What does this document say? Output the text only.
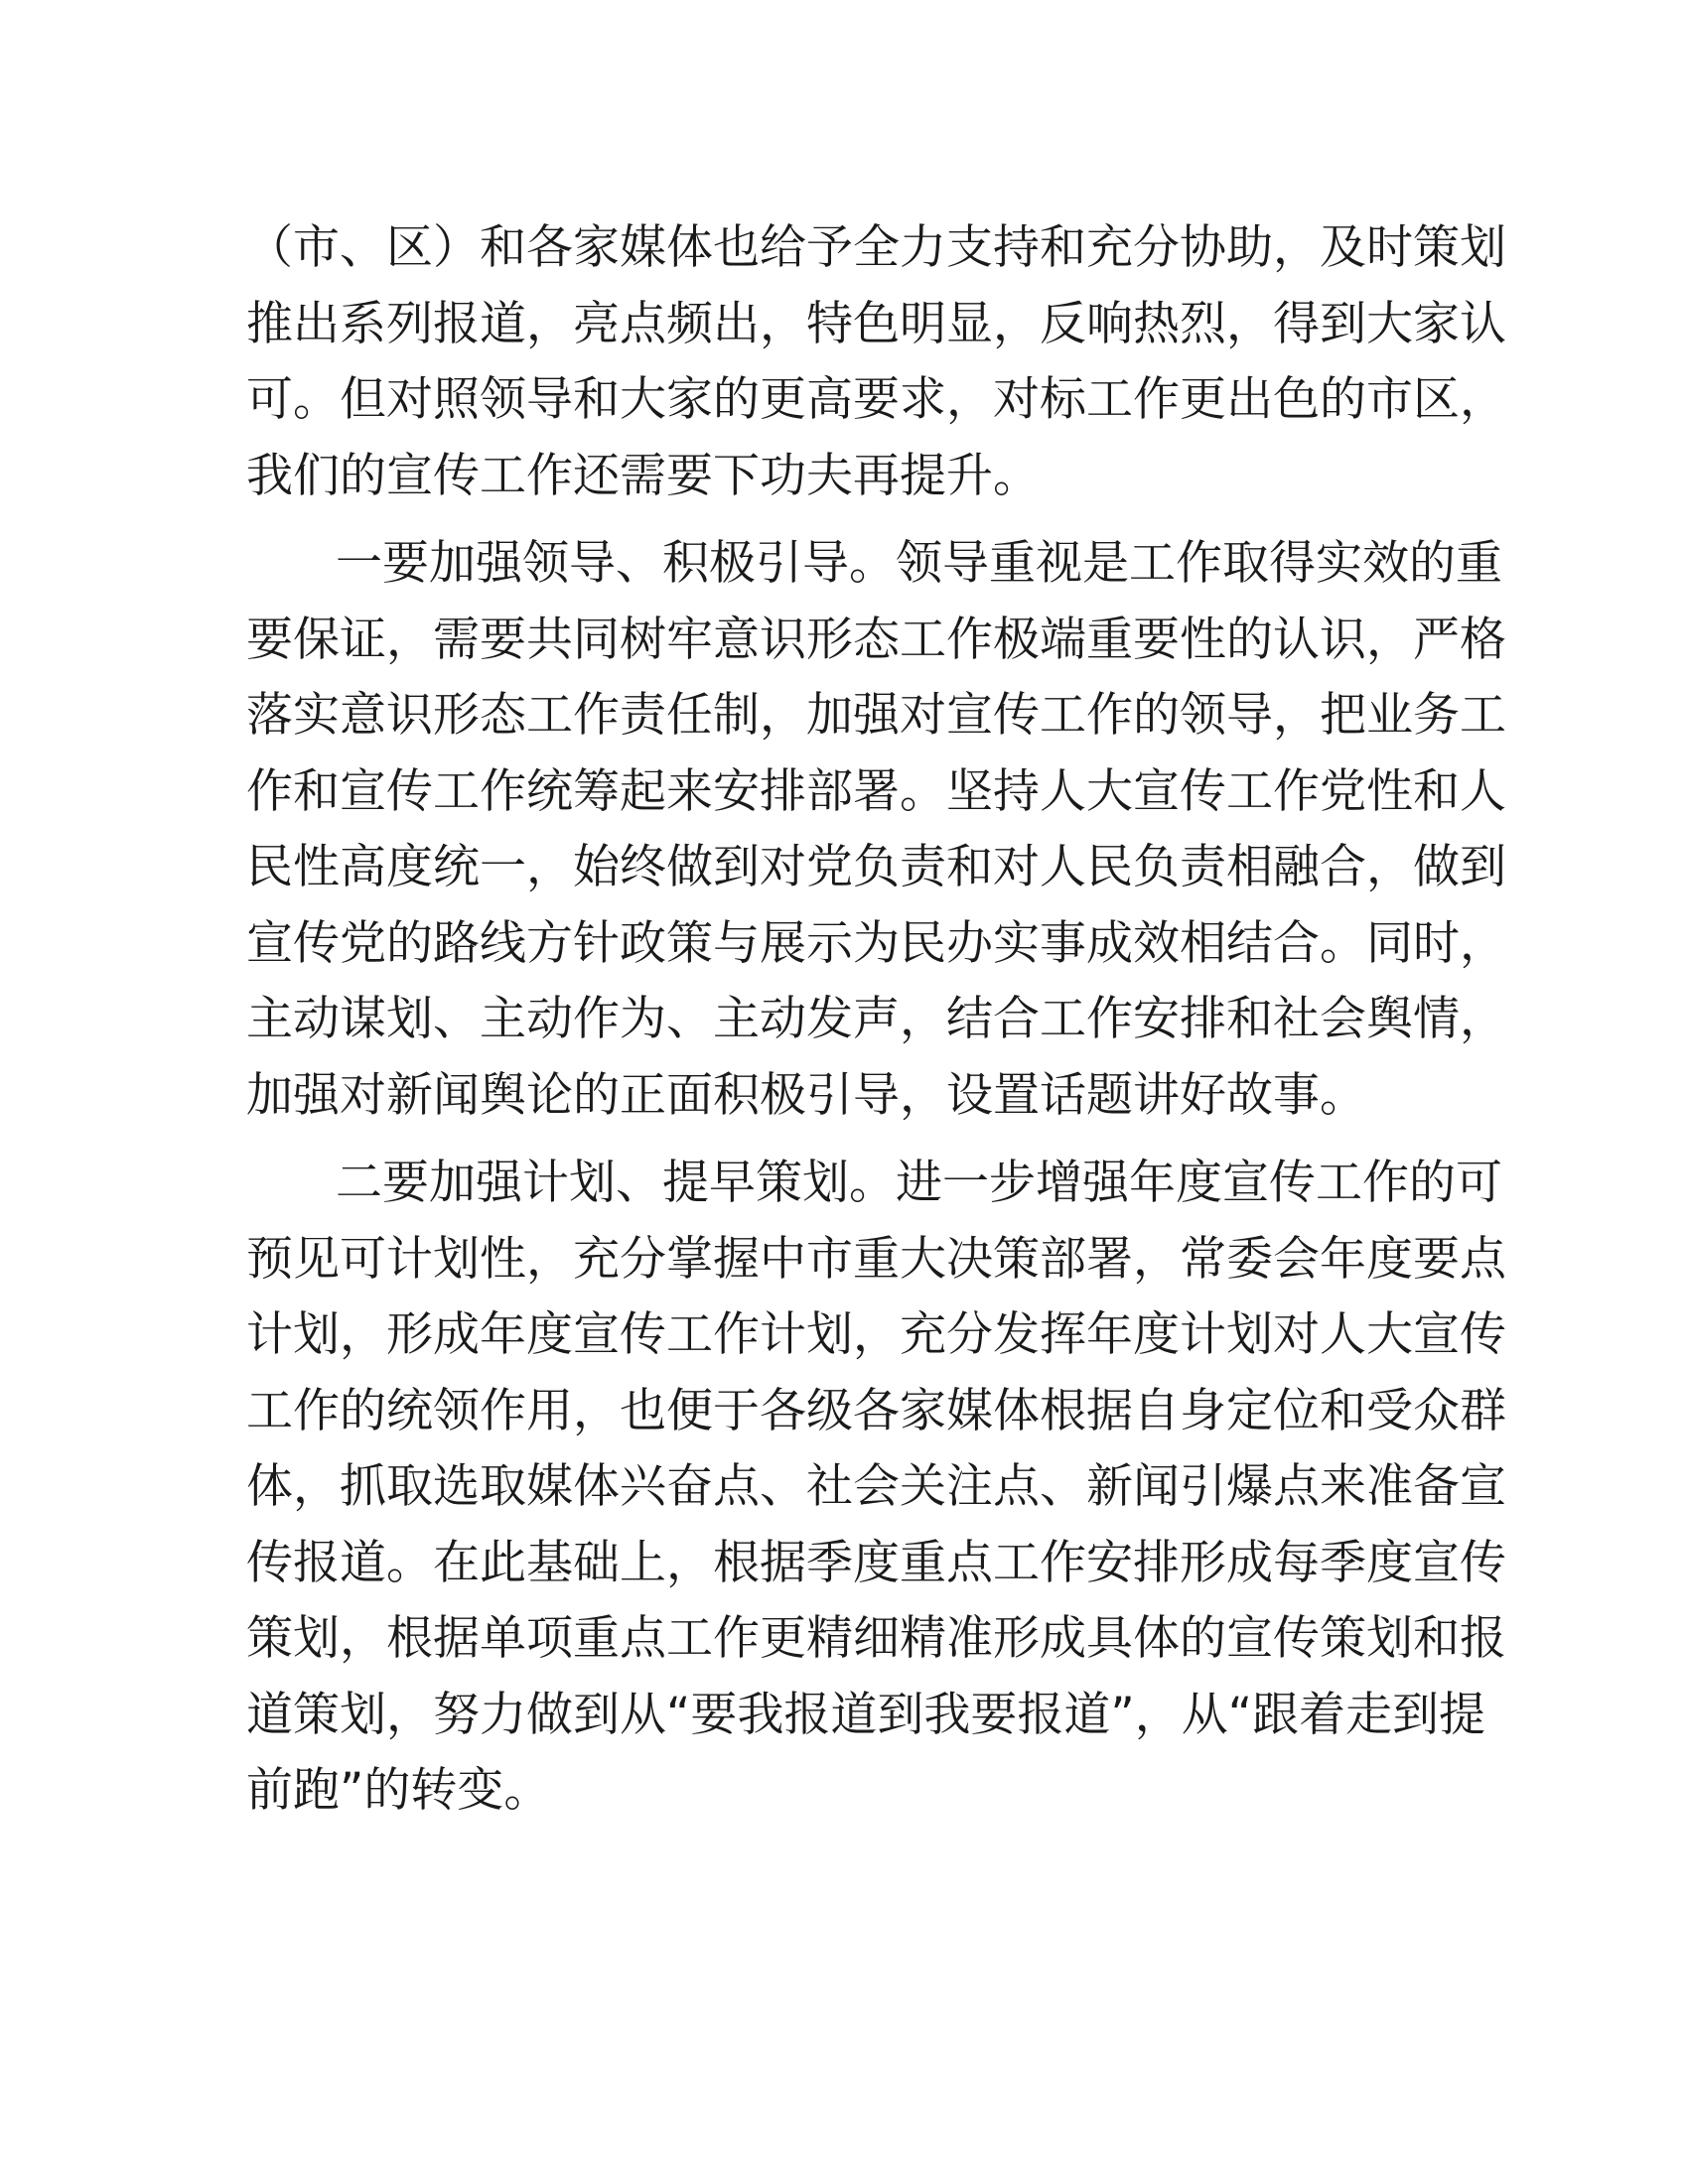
（市、区）和各家媒体也给予全力支持和充分协助，及时策划
推出系列报道，亮点频出，特色明显，反响热烈，得到大家认
可。但对照领导和大家的更高要求，对标工作更出色的市区，
我们的宣传工作还需要下功夫再提升。
一要加强领导、积极引导。领导重视是工作取得实效的重
要保证，需要共同树牢意识形态工作极端重要性的认识，严格
落实意识形态工作责任制，加强对宣传工作的领导，把业务工
作和宣传工作统筹起来安排部署。坚持人大宣传工作党性和人
民性高度统一，始终做到对党负责和对人民负责相融合，做到
宣传党的路线方针政策与展示为民办实事成效相结合。同时，
主动谋划、主动作为、主动发声，结合工作安排和社会舆情，
加强对新闻舆论的正面积极引导，设置话题讲好故事。
二要加强计划、提早策划。进一步增强年度宣传工作的可
预见可计划性，充分掌握中市重大决策部署，常委会年度要点
计划，形成年度宣传工作计划，充分发挥年度计划对人大宣传
工作的统领作用，也便于各级各家媒体根据自身定位和受众群
体，抓取选取媒体兴奋点、社会关注点、新闻引爆点来准备宣
传报道。在此基础上，根据季度重点工作安排形成每季度宣传
策划，根据单项重点工作更精细精准形成具体的宣传策划和报
道策划，努力做到从“要我报道到我要报道”，从“跟着走到提
前跑”的转变。
